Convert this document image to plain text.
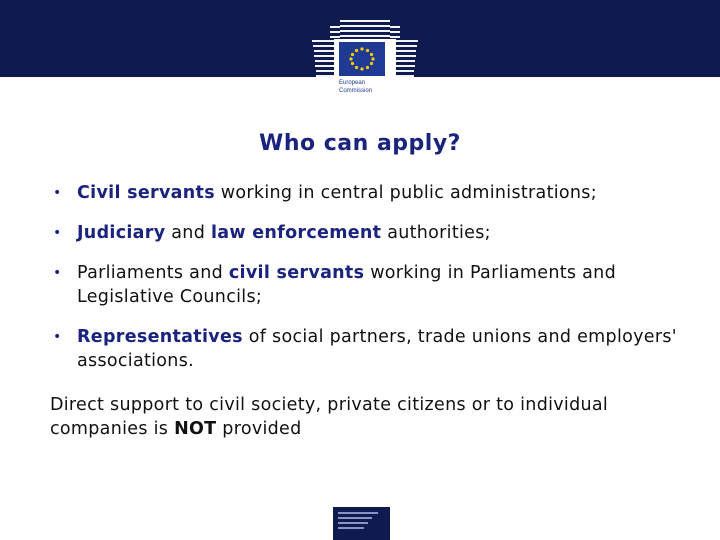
European
Commission
Who can apply?
• Civil servants working in central public administrations;
• Judiciary and law enforcement authorities;
• Parliaments and civil servants working in Parliaments and Legislative Councils;
• Representatives of social partners, trade unions and employers' associations.
Direct support to civil society, private citizens or to individual companies is NOT provided
